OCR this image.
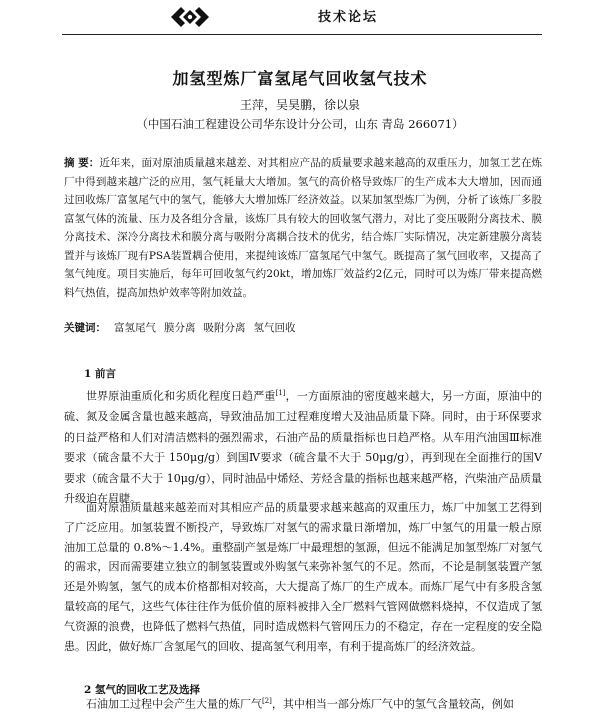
技术论坛
加氢型炼厂富氢尾气回收氢气技术
王萍，吴昊鹏，徐以泉
（中国石油工程建设公司华东设计分公司，山东 青岛 266071）

摘 要：近年来，面对原油质量越来越差、对其相应产品的质量要求越来越高的双重压力，加氢工艺在炼厂中得到越来越广泛的应用，氢气耗量大大增加。氢气的高价格导致炼厂的生产成本大大增加，因而通过回收炼厂富氢尾气中的氢气，能够大大增加炼厂经济效益。以某加氢型炼厂为例，分析了该炼厂多股富氢气体的流量、压力及各组分含量，该炼厂具有较大的回收氢气潜力，对比了变压吸附分离技术、膜分离技术、深冷分离技术和膜分离与吸附分离耦合技术的优劣，结合炼厂实际情况，决定新建膜分离装置并与该炼厂现有PSA装置耦合使用，来提纯该炼厂富氢尾气中氢气。既提高了氢气回收率，又提高了氢气纯度。项目实施后，每年可回收氢气约20kt，增加炼厂效益约2亿元，同时可以为炼厂带来提高燃料气热值，提高加热炉效率等附加效益。

关键词： 富氢尾气 膜分离 吸附分离 氢气回收

1 前言

世界原油重质化和劣质化程度日趋严重[1]，一方面原油的密度越来越大，另一方面，原油中的硫、氮及金属含量也越来越高，导致油品加工过程难度增大及油品质量下降。同时，由于环保要求的日益严格和人们对清洁燃料的强烈需求，石油产品的质量指标也日趋严格。从车用汽油国Ⅲ标准要求（硫含量不大于 150μg/g）到国Ⅳ要求（硫含量不大于 50μg/g），再到现在全面推行的国Ⅴ要求（硫含量不大于 10μg/g），同时油品中烯烃、芳烃含量的指标也越来越严格，汽柴油产品质量升级迫在眉睫。

面对原油质量越来越差而对其相应产品的质量要求越来越高的双重压力，炼厂中加氢工艺得到了广泛应用。加氢装置不断投产，导致炼厂对氢气的需求量日渐增加，炼厂中氢气的用量一般占原油加工总量的 0.8%～1.4%。重整副产氢是炼厂中最理想的氢源，但远不能满足加氢型炼厂对氢气的需求，因而需要建立独立的制氢装置或外购氢气来弥补氢气的不足。然而，不论是制氢装置产氢还是外购氢，氢气的成本价格都相对较高，大大提高了炼厂的生产成本。而炼厂尾气中有多股含氢量较高的尾气，这些气体往往作为低价值的原料被排入全厂燃料气管网做燃料烧掉，不仅造成了氢气资源的浪费，也降低了燃料气热值，同时造成燃料气管网压力的不稳定，存在一定程度的安全隐患。因此，做好炼厂含氢尾气的回收、提高氢气利用率，有利于提高炼厂的经济效益。

2 氢气的回收工艺及选择

石油加工过程中会产生大量的炼厂气[2]，其中相当一部分炼厂气中的氢气含量较高，例如
